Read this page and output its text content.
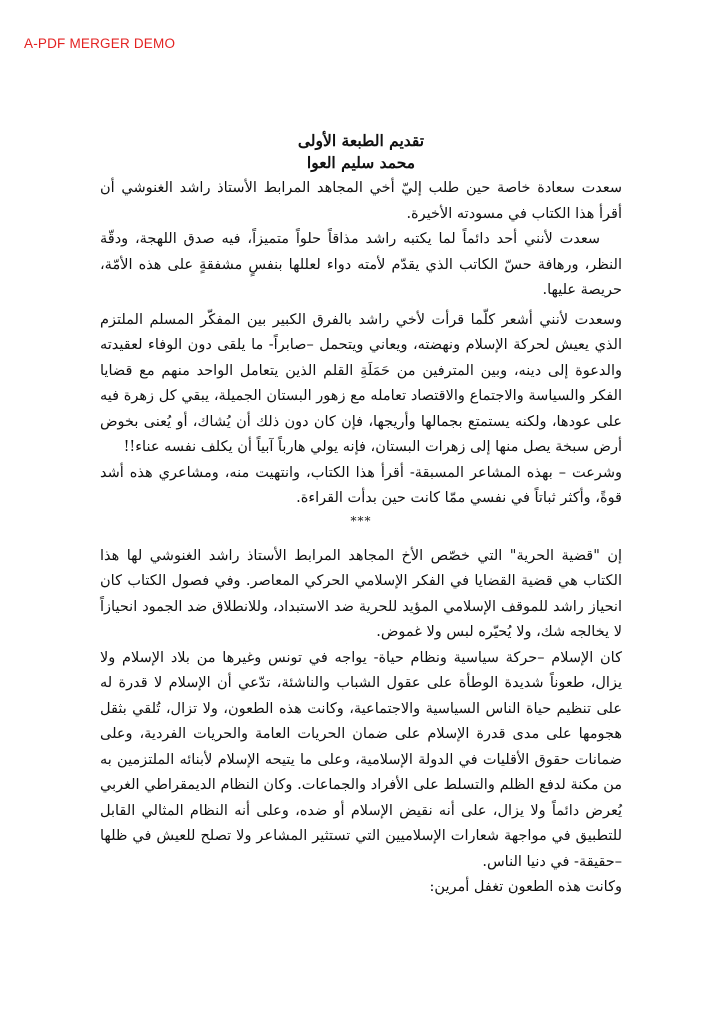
A-PDF MERGER DEMO

تقديم الطبعة الأولى

محمد سليم العوا

سعدت سعادة خاصة حين طلب إليّ أخي المجاهد المرابط الأستاذ راشد الغنوشي أن أقرأ هذا الكتاب في مسودته الأخيرة.

سعدت لأنني أحد دائماً لما يكتبه راشد مذاقاً حلواً متميزاً، فيه صدق اللهجة، ودقّة النظر، ورهافة حسّ الكاتب الذي يقدّم لأمته دواء لعللها بنفسٍ مشفقةٍ على هذه الأمّة، حريصة عليها.

وسعدت لأنني أشعر كلّما قرأت لأخي راشد بالفرق الكبير بين المفكّر المسلم الملتزم الذي يعيش لحركة الإسلام ونهضته، ويعاني ويتحمل –صابراً- ما يلقى دون الوفاء لعقيدته والدعوة إلى دينه، وبين المترفين من حَمَلَةِ القلم الذين يتعامل الواحد منهم مع قضايا الفكر والسياسة والاجتماع والاقتصاد تعامله مع زهور البستان الجميلة، يبقي كل زهرة فيه على عودها، ولكنه يستمتع بجمالها وأريجها، فإن كان دون ذلك أن يُشاك، أو يُعنى بخوض أرض سبخة يصل منها إلى زهرات البستان، فإنه يولي هارباً آبياً أن يكلف نفسه عناء!!

وشرعت – بهذه المشاعر المسبقة- أقرأ هذا الكتاب، وانتهيت منه، ومشاعري هذه أشد قوةً، وأكثر ثباتاً في نفسي ممّا كانت حين بدأت القراءة.

***

إن "قضية الحرية" التي خصّص الأخ المجاهد المرابط الأستاذ راشد الغنوشي لها هذا الكتاب هي قضية القضايا في الفكر الإسلامي الحركي المعاصر. وفي فصول الكتاب كان انحياز راشد للموقف الإسلامي المؤيد للحرية ضد الاستبداد، وللانطلاق ضد الجمود انحيازاً لا يخالجه شك، ولا يُحيّره لبس ولا غموض.

كان الإسلام –حركة سياسية ونظام حياة- يواجه في تونس وغيرها من بلاد الإسلام ولا يزال، طعوناً شديدة الوطأة على عقول الشباب والناشئة، تدّعي أن الإسلام لا قدرة له على تنظيم حياة الناس السياسية والاجتماعية، وكانت هذه الطعون، ولا تزال، تُلقي بثقل هجومها على مدى قدرة الإسلام على ضمان الحريات العامة والحريات الفردية، وعلى ضمانات حقوق الأقليات في الدولة الإسلامية، وعلى ما يتيحه الإسلام لأبنائه الملتزمين به من مكنة لدفع الظلم والتسلط على الأفراد والجماعات. وكان النظام الديمقراطي الغربي يُعرض دائماً ولا يزال، على أنه نقيض الإسلام أو ضده، وعلى أنه النظام المثالي القابل للتطبيق في مواجهة شعارات الإسلاميين التي تستثير المشاعر ولا تصلح للعيش في ظلها –حقيقة- في دنيا الناس.

وكانت هذه الطعون تغفل أمرين:
